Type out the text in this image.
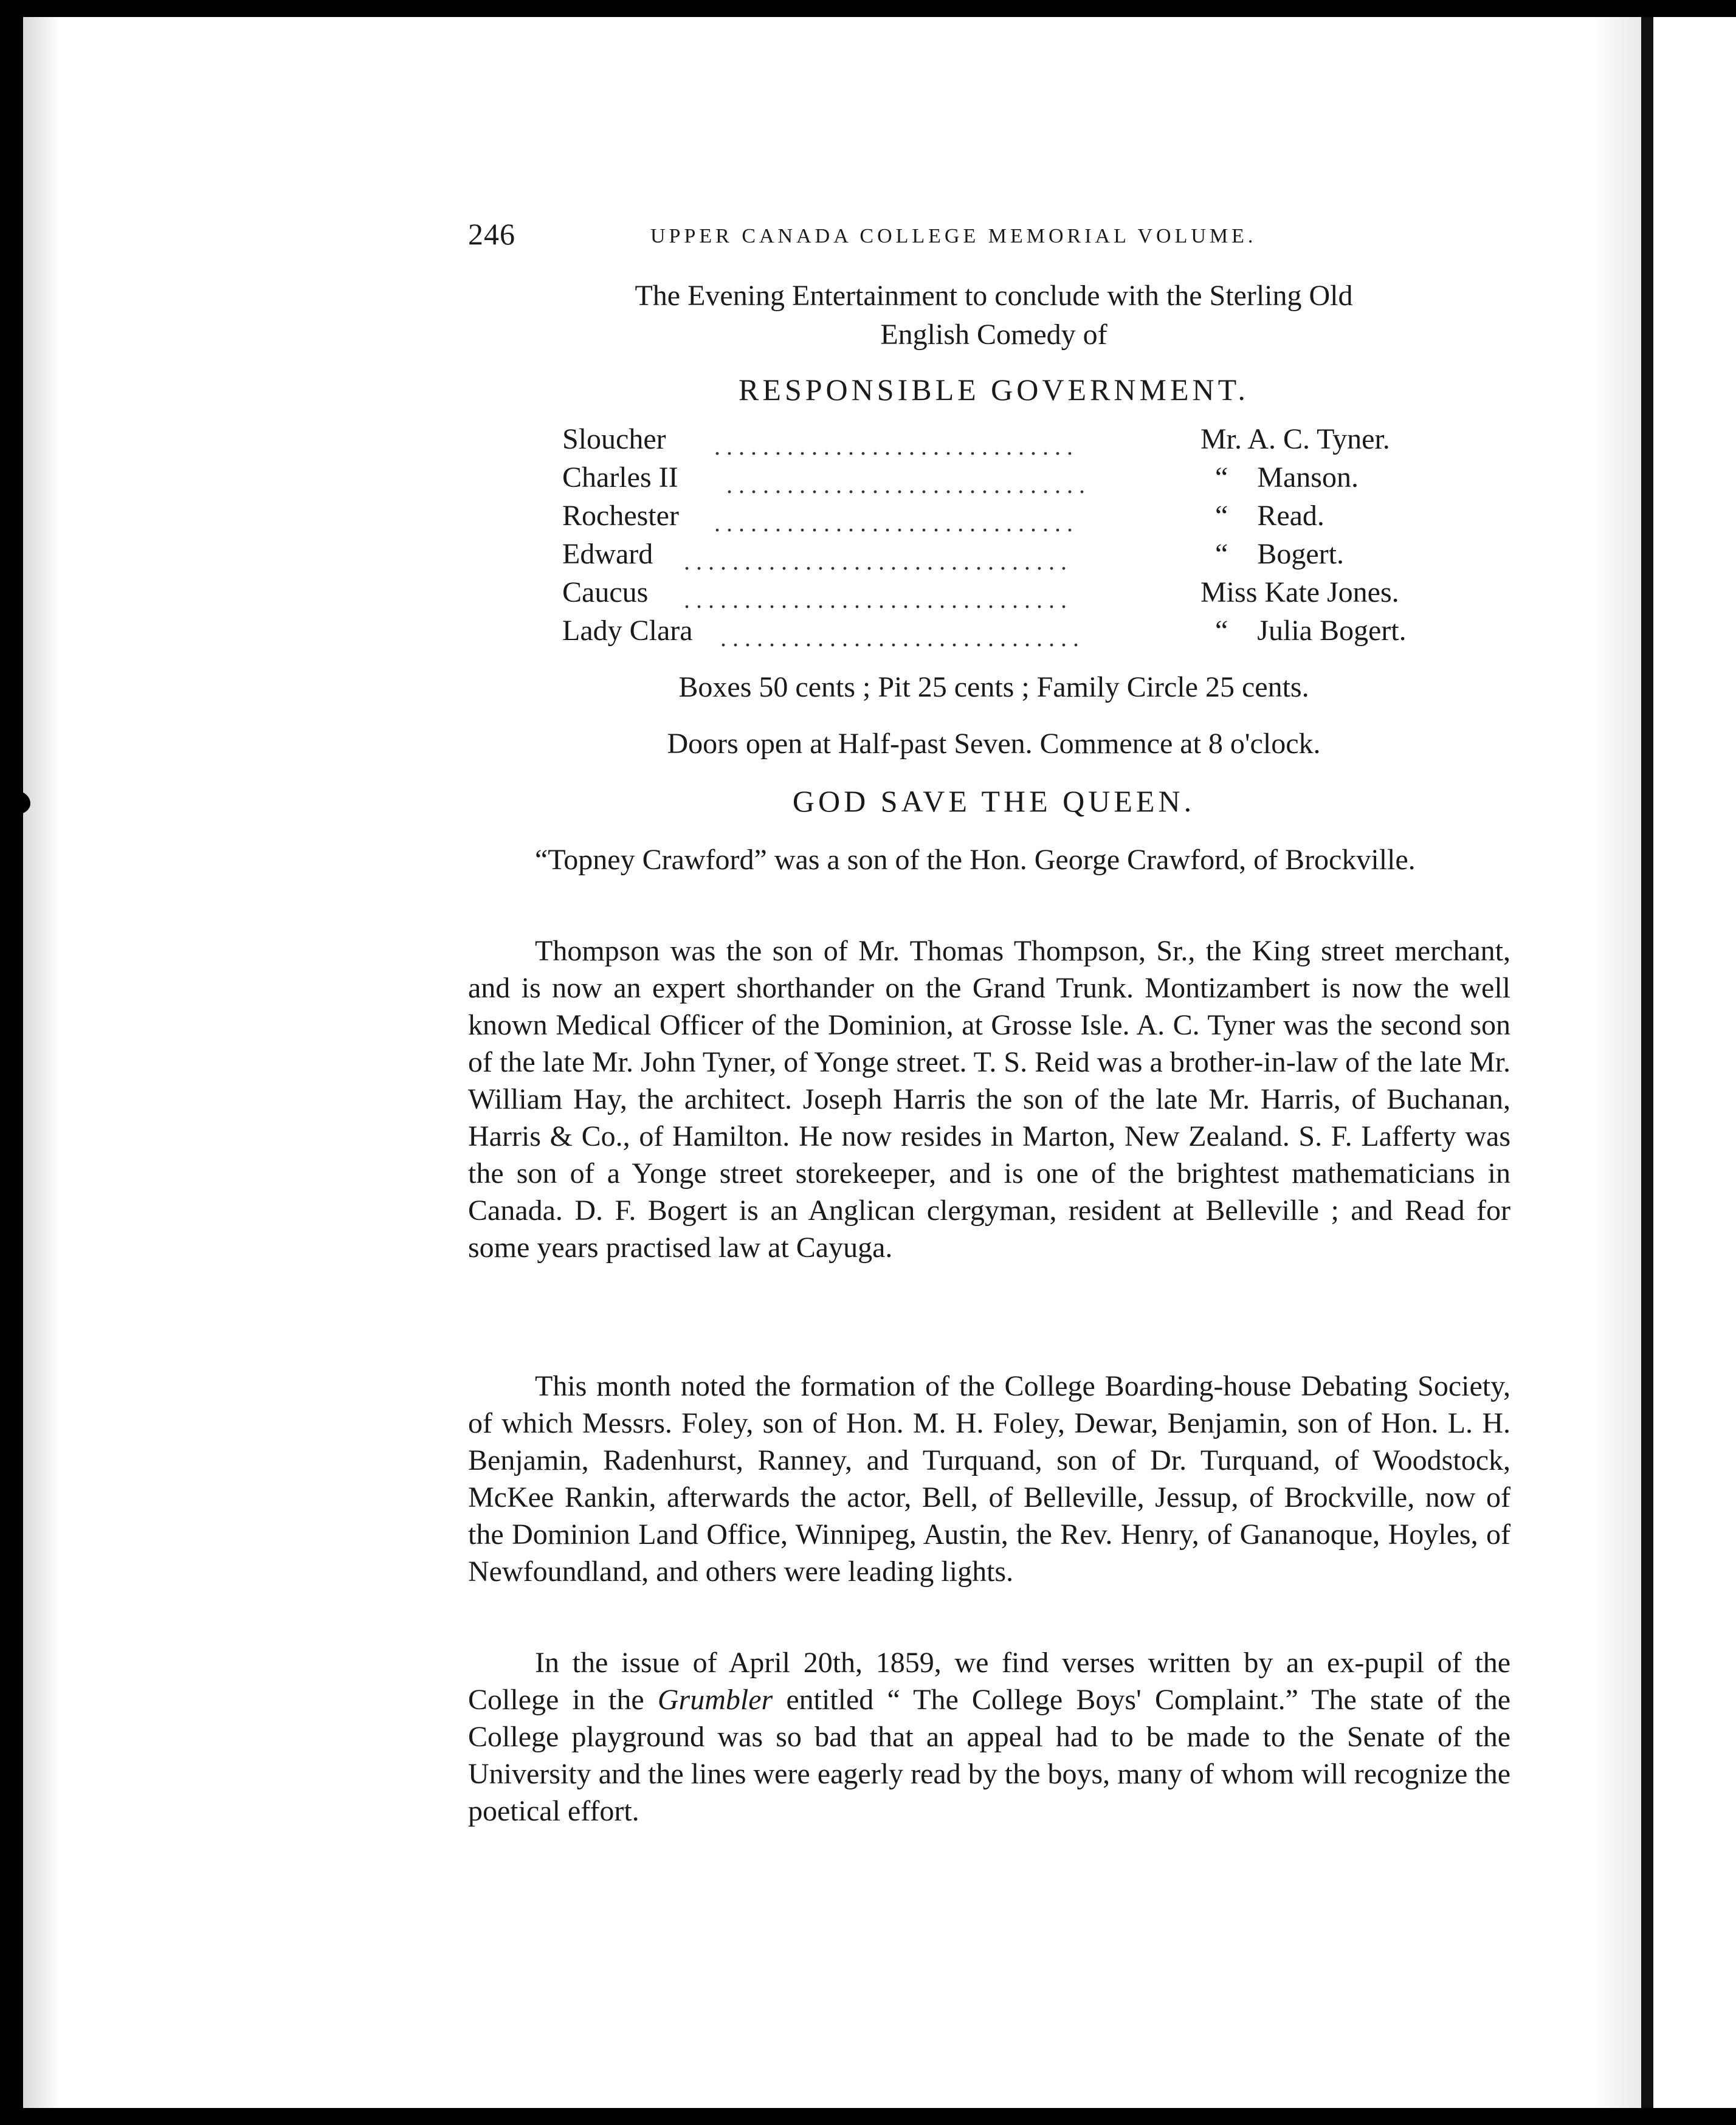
246	UPPER CANADA COLLEGE MEMORIAL VOLUME.
The Evening Entertainment to conclude with the Sterling Old
English Comedy of
RESPONSIBLE GOVERNMENT.
Sloucher ..............................	Mr. A. C. Tyner.
Charles II ..............................	“    Manson.
Rochester ..............................	“    Read.
Edward ................................	“    Bogert.
Caucus ................................	Miss Kate Jones.
Lady Clara ..............................	“    Julia Bogert.
Boxes 50 cents ; Pit 25 cents ; Family Circle 25 cents.
Doors open at Half-past Seven. Commence at 8 o'clock.
GOD SAVE THE QUEEN.

“Topney Crawford” was a son of the Hon. George Crawford, of Brockville.

Thompson was the son of Mr. Thomas Thompson, Sr., the King street merchant, and is now an expert shorthander on the Grand Trunk. Montizambert is now the well known Medical Officer of the Dominion, at Grosse Isle. A. C. Tyner was the second son of the late Mr. John Tyner, of Yonge street. T. S. Reid was a brother-in-law of the late Mr. William Hay, the architect. Joseph Harris the son of the late Mr. Harris, of Buchanan, Harris & Co., of Hamilton. He now resides in Marton, New Zealand. S. F. Lafferty was the son of a Yonge street storekeeper, and is one of the brightest mathematicians in Canada. D. F. Bogert is an Anglican clergyman, resident at Belleville ; and Read for some years practised law at Cayuga.

This month noted the formation of the College Boarding-house Debating Society, of which Messrs. Foley, son of Hon. M. H. Foley, Dewar, Benjamin, son of Hon. L. H. Benjamin, Radenhurst, Ranney, and Turquand, son of Dr. Turquand, of Woodstock, McKee Rankin, afterwards the actor, Bell, of Belleville, Jessup, of Brockville, now of the Dominion Land Office, Winnipeg, Austin, the Rev. Henry, of Gananoque, Hoyles, of Newfoundland, and others were leading lights.

In the issue of April 20th, 1859, we find verses written by an ex-pupil of the College in the Grumbler entitled “ The College Boys' Complaint.” The state of the College playground was so bad that an appeal had to be made to the Senate of the University and the lines were eagerly read by the boys, many of whom will recognize the poetical effort.
